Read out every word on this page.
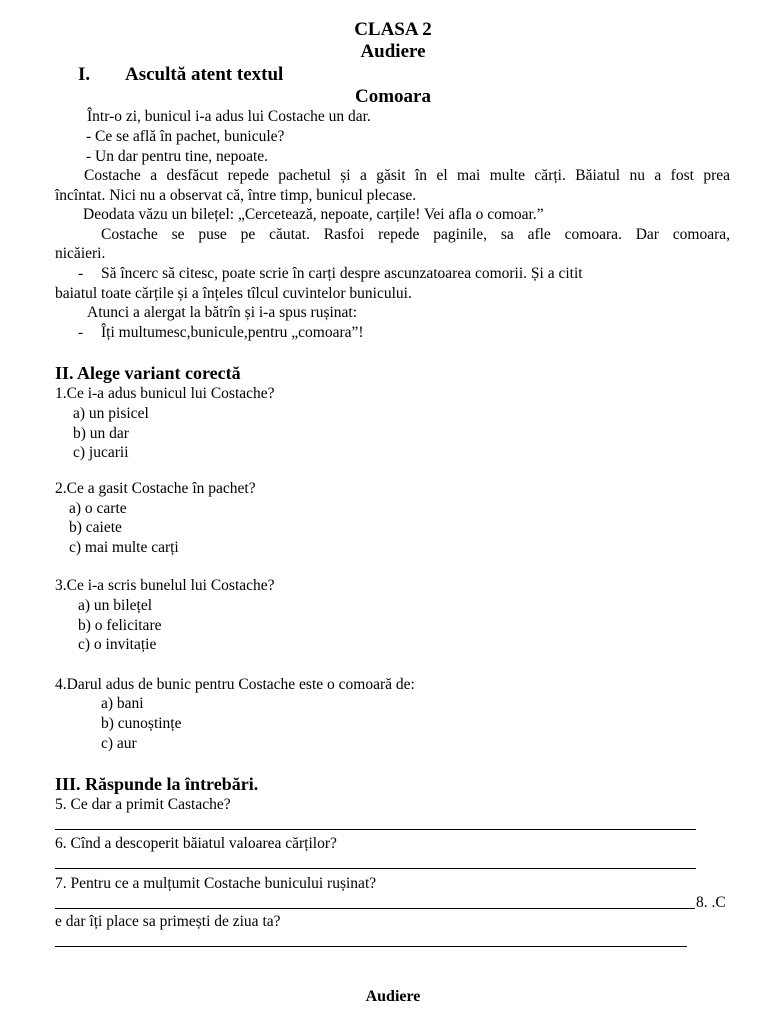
CLASA 2
Audiere
I. Ascultă atent textul
Comoara
Într-o zi, bunicul i-a adus lui Costache un dar.
- Ce se află în pachet, bunicule?
- Un dar pentru tine, nepoate.
Costache a desfăcut repede pachetul și a găsit în el mai multe cărți. Băiatul nu a fost prea
încîntat. Nici nu a observat că, între timp, bunicul plecase.
Deodata văzu un bilețel: „Cercetează, nepoate, carțile! Vei afla o comoar.”
Costache se puse pe căutat. Rasfoi repede paginile, sa afle comoara. Dar comoara,
nicăieri.
- Să încerc să citesc, poate scrie în carți despre ascunzatoarea comorii. Și a citit
baiatul toate cărțile și a înțeles tîlcul cuvintelor bunicului.
Atunci a alergat la bătrîn și i-a spus rușinat:
- Îți multumesc,bunicule,pentru „comoara”!
II. Alege variant corectă
1.Ce i-a adus bunicul lui Costache?
a) un pisicel
b) un dar
c) jucarii
2.Ce a gasit Costache în pachet?
a) o carte
b) caiete
c) mai multe carți
3.Ce i-a scris bunelul lui Costache?
a) un bilețel
b) o felicitare
c) o invitație
4.Darul adus de bunic pentru Costache este o comoară de:
a) bani
b) cunoștințe
c) aur
III. Răspunde la întrebări.
5. Ce dar a primit Castache?
6. Cînd a descoperit băiatul valoarea cărților?
7. Pentru ce a mulțumit Costache bunicului rușinat?
8. .C
e dar îți place sa primești de ziua ta?
Audiere
